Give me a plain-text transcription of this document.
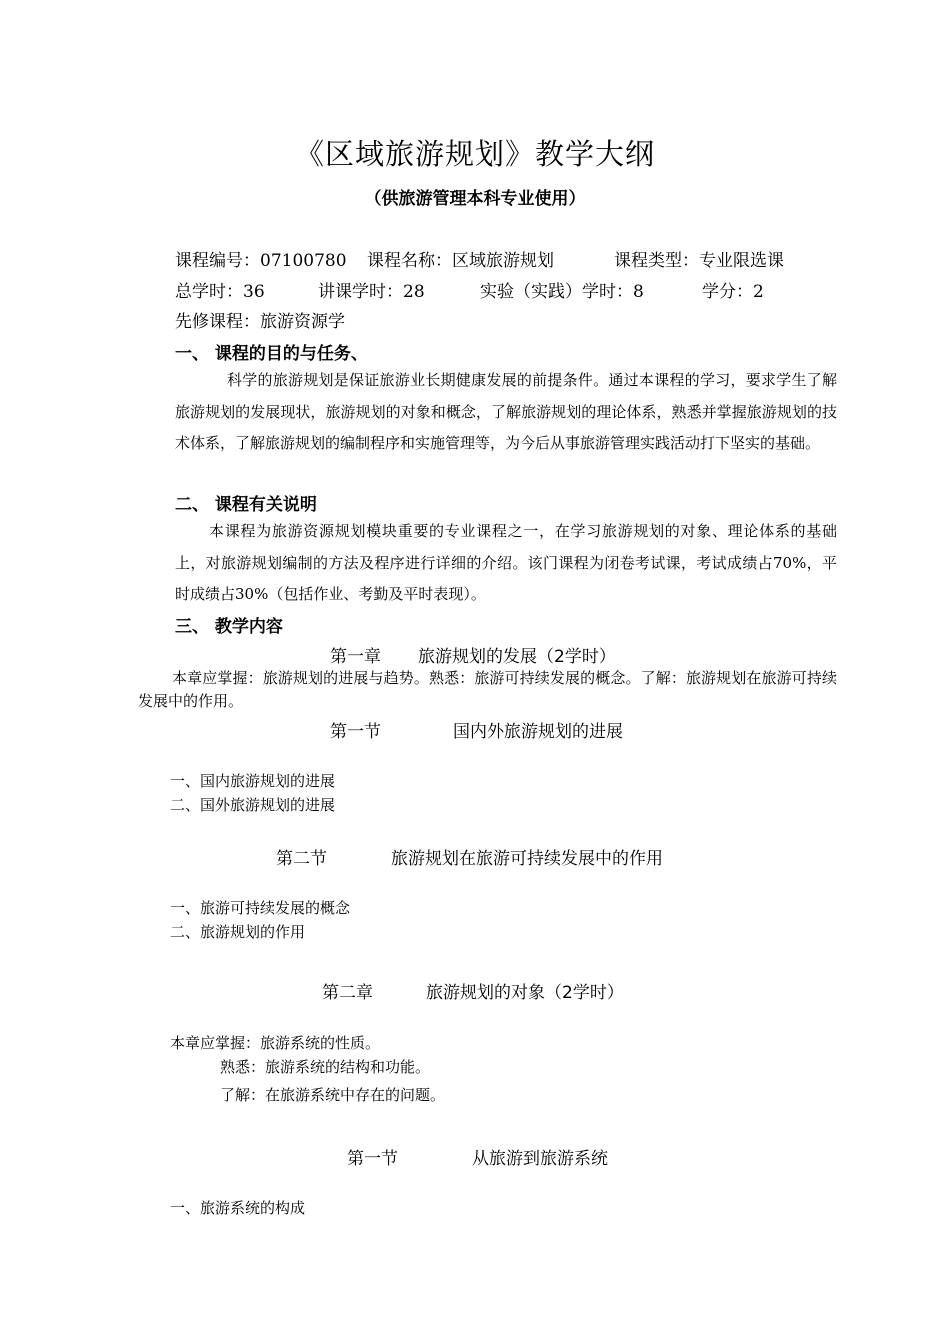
《区域旅游规划》教学大纲
（供旅游管理本科专业使用）
课程编号：07100780 课程名称：区域旅游规划	课程类型：专业限选课
总学时：36	讲课学时：28	实验（实践）学时：8	学分：2
先修课程：旅游资源学
一、 课程的目的与任务、

科学的旅游规划是保证旅游业长期健康发展的前提条件。通过本课程的学习，要求学生了解旅游规划的发展现状，旅游规划的对象和概念，了解旅游规划的理论体系，熟悉并掌握旅游规划的技术体系，了解旅游规划的编制程序和实施管理等，为今后从事旅游管理实践活动打下坚实的基础。

二、 课程有关说明

本课程为旅游资源规划模块重要的专业课程之一，在学习旅游规划的对象、理论体系的基础上，对旅游规划编制的方法及程序进行详细的介绍。该门课程为闭卷考试课，考试成绩占70%，平时成绩占30%（包括作业、考勤及平时表现）。

三、 教学内容
第一章 旅游规划的发展（2学时）

本章应掌握：旅游规划的进展与趋势。熟悉：旅游可持续发展的概念。了解：旅游规划在旅游可持续发展中的作用。

第一节	国内外旅游规划的进展
一、国内旅游规划的进展
二、国外旅游规划的进展
第二节	旅游规划在旅游可持续发展中的作用
一、旅游可持续发展的概念
二、旅游规划的作用
第二章	旅游规划的对象（2学时）
本章应掌握：旅游系统的性质。
熟悉：旅游系统的结构和功能。
了解：在旅游系统中存在的问题。
第一节	从旅游到旅游系统
一、旅游系统的构成
